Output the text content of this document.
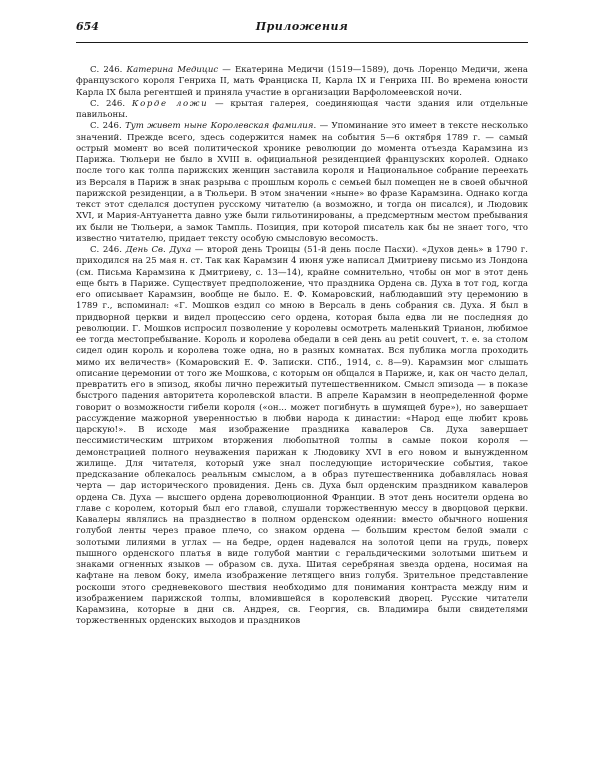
654	Приложения

С. 246. Катерина Медицис — Екатерина Медичи (1519—1589), дочь Лоренцо Медичи, жена французского короля Генриха II, мать Франциска II, Карла IX и Генриха III. Во времена юности Карла IX была регентшей и приняла участие в организации Варфоломеевской ночи.

С. 246. Корде ложи — крытая галерея, соединяющая части здания или отдельные павильоны.

С. 246. Тут живет ныне Королевская фамилия. — Упоминание это имеет в тексте несколько значений. Прежде всего, здесь содержится намек на события 5—6 октября 1789 г. — самый острый момент во всей политической хронике революции до момента отъезда Карамзина из Парижа. Тюльери не было в XVIII в. официальной резиденцией французских королей. Однако после того как толпа парижских женщин заставила короля и Национальное собрание переехать из Версаля в Париж в знак разрыва с прошлым король с семьей был помещен не в своей обычной парижской резиденции, а в Тюльери. В этом значении «ныне» во фразе Карамзина. Однако когда текст этот сделался доступен русскому читателю (а возможно, и тогда он писался), и Людовик XVI, и Мария-Антуанетта давно уже были гильотинированы, а предсмертным местом пребывания их были не Тюльери, а замок Тампль. Позиция, при которой писатель как бы не знает того, что известно читателю, придает тексту особую смысловую весомость.

С. 246. День Св. Духа — второй день Троицы (51-й день после Пасхи). «Духов день» в 1790 г. приходился на 25 мая н. ст. Так как Карамзин 4 июня уже написал Дмитриеву письмо из Лондона (см. Письма Карамзина к Дмитриеву, с. 13—14), крайне сомнительно, чтобы он мог в этот день еще быть в Париже. Существует предположение, что праздника Ордена св. Духа в тот год, когда его описывает Карамзин, вообще не было. Е. Ф. Комаровский, наблюдавший эту церемонию в 1789 г., вспоминал: «Г. Мошков ездил со мною в Версаль в день собрания св. Духа. Я был в придворной церкви и видел процессию сего ордена, которая была едва ли не последняя до революции. Г. Мошков испросил позволение у королевы осмотреть маленький Трианон, любимое ее тогда местопребывание. Король и королева обедали в сей день au petit couvert, т. е. за столом сидел один король и королева тоже одна, но в разных комнатах. Вся публика могла проходить мимо их величеств» (Комаровский Е. Ф. Записки. СПб., 1914, с. 8—9). Карамзин мог слышать описание церемонии от того же Мошкова, с которым он общался в Париже, и, как он часто делал, превратить его в эпизод, якобы лично пережитый путешественником. Смысл эпизода — в показе быстрого падения авторитета королевской власти. В апреле Карамзин в неопределенной форме говорит о возможности гибели короля («он... может погибнуть в шумящей буре»), но завершает рассуждение мажорной уверенностью в любви народа к династии: «Народ еще любит кровь царскую!». В исходе мая изображение праздника кавалеров Св. Духа завершает пессимистическим штрихом вторжения любопытной толпы в самые покои короля — демонстрацией полного неуважения парижан к Людовику XVI в его новом и вынужденном жилище. Для читателя, который уже знал последующие исторические события, такое предсказание облекалось реальным смыслом, а в образ путешественника добавлялась новая черта — дар исторического провидения. День св. Духа был орденским праздником кавалеров ордена Св. Духа — высшего ордена дореволюционной Франции. В этот день носители ордена во главе с королем, который был его главой, слушали торжественную мессу в дворцовой церкви. Кавалеры являлись на празднество в полном орденском одеянии: вместо обычного ношения голубой ленты через правое плечо, со знаком ордена — большим крестом белой эмали с золотыми лилиями в углах — на бедре, орден надевался на золотой цепи на грудь, поверх пышного орденского платья в виде голубой мантии с геральдическими золотыми шитьем и знаками огненных языков — образом св. духа. Шитая серебряная звезда ордена, носимая на кафтане на левом боку, имела изображение летящего вниз голубя. Зрительное представление роскоши этого средневекового шествия необходимо для понимания контраста между ним и изображением парижской толпы, вломившейся в королевский дворец. Русские читатели Карамзина, которые в дни св. Андрея, св. Георгия, св. Владимира были свидетелями торжественных орденских выходов и праздников
